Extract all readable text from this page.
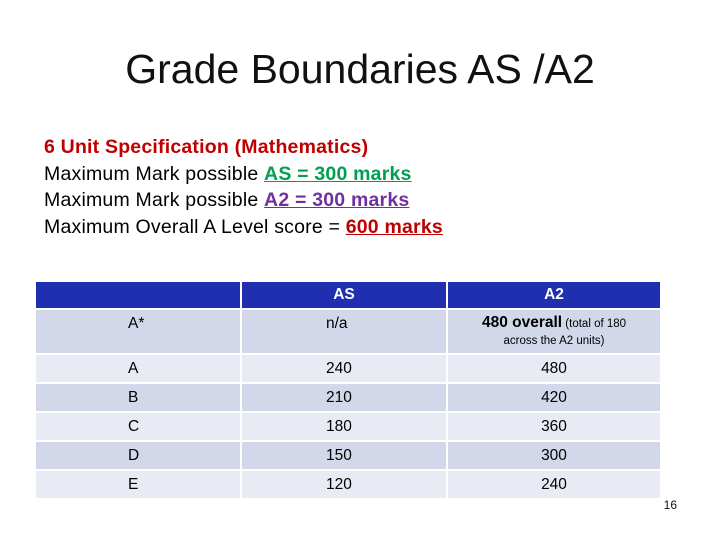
Grade Boundaries AS /A2
6 Unit Specification (Mathematics)
Maximum Mark possible AS = 300 marks
Maximum Mark possible A2 = 300 marks
Maximum Overall A Level score = 600 marks
	AS	A2
A*	n/a	480 overall (total of 180
across the A2 units)
A	240	480
B	210	420
C	180	360
D	150	300
E	120	240
16
